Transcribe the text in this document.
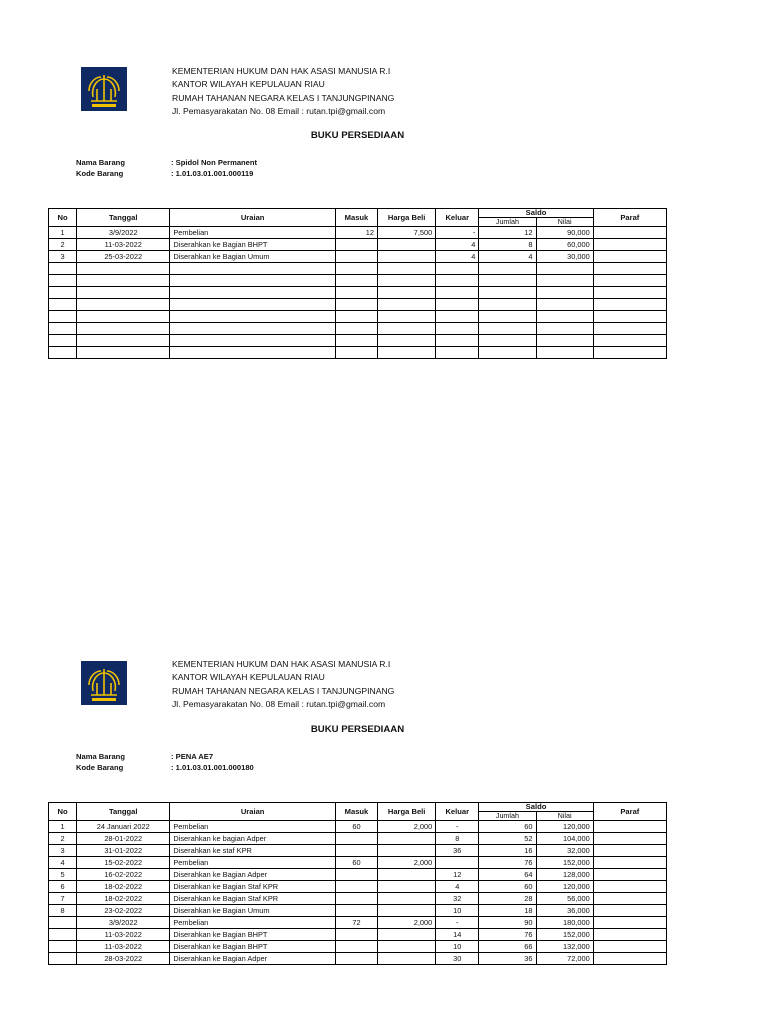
KEMENTERIAN HUKUM DAN HAK ASASI MANUSIA R.I
KANTOR WILAYAH KEPULAUAN RIAU
RUMAH TAHANAN NEGARA KELAS I TANJUNGPINANG
Jl. Pemasyarakatan No. 08 Email : rutan.tpi@gmail.com
BUKU PERSEDIAAN
Nama Barang	: Spidol Non Permanent
Kode Barang	: 1.01.03.01.001.000119
No	Tanggal	Uraian	Masuk	Harga Beli	Keluar	Saldo		Paraf
						Jumlah	Nilai	
1	3/9/2022	Pembelian	12	7,500	-	12	90,000	
2	11-03-2022	Diserahkan ke Bagian BHPT			4	8	60,000	
3	25-03-2022	Diserahkan ke Bagian Umum			4	4	30,000	

KEMENTERIAN HUKUM DAN HAK ASASI MANUSIA R.I
KANTOR WILAYAH KEPULAUAN RIAU
RUMAH TAHANAN NEGARA KELAS I TANJUNGPINANG
Jl. Pemasyarakatan No. 08 Email : rutan.tpi@gmail.com
BUKU PERSEDIAAN
Nama Barang	: PENA AE7
Kode Barang	: 1.01.03.01.001.000180
No	Tanggal	Uraian	Masuk	Harga Beli	Keluar	Saldo		Paraf
						Jumlah	Nilai	
1	24 Januari 2022	Pembelian	60	2,000	-	60	120,000	
2	28-01-2022	Diserahkan ke bagian Adper			8	52	104,000	
3	31-01-2022	Diserahkan ke staf KPR			36	16	32,000	
4	15-02-2022	Pembelian	60	2,000		76	152,000	
5	16-02-2022	Diserahkan ke Bagian Adper			12	64	128,000	
6	18-02-2022	Diserahkan ke Bagian Staf KPR			4	60	120,000	
7	18-02-2022	Diserahkan ke Bagian Staf KPR			32	28	56,000	
8	23-02-2022	Diserahkan ke Bagian Umum			10	18	36,000	
	3/9/2022	Pembelian	72	2,000	-	90	180,000	
	11-03-2022	Diserahkan ke Bagian BHPT			14	76	152,000	
	11-03-2022	Diserahkan ke Bagian BHPT			10	66	132,000	
	28-03-2022	Diserahkan ke Bagian Adper			30	36	72,000	
